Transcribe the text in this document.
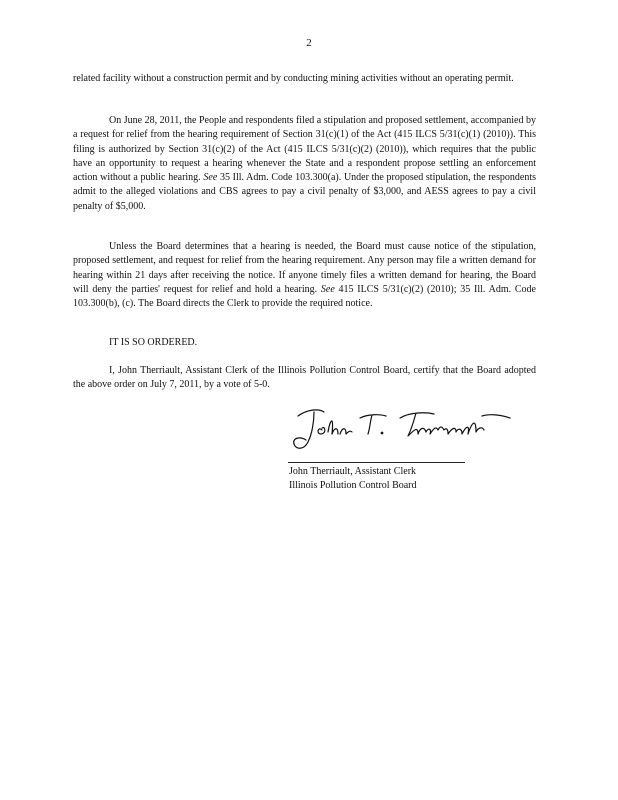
2

related facility without a construction permit and by conducting mining activities without an operating permit.

On June 28, 2011, the People and respondents filed a stipulation and proposed settlement, accompanied by a request for relief from the hearing requirement of Section 31(c)(1) of the Act (415 ILCS 5/31(c)(1) (2010)). This filing is authorized by Section 31(c)(2) of the Act (415 ILCS 5/31(c)(2) (2010)), which requires that the public have an opportunity to request a hearing whenever the State and a respondent propose settling an enforcement action without a public hearing. See 35 Ill. Adm. Code 103.300(a). Under the proposed stipulation, the respondents admit to the alleged violations and CBS agrees to pay a civil penalty of $3,000, and AESS agrees to pay a civil penalty of $5,000.

Unless the Board determines that a hearing is needed, the Board must cause notice of the stipulation, proposed settlement, and request for relief from the hearing requirement. Any person may file a written demand for hearing within 21 days after receiving the notice. If anyone timely files a written demand for hearing, the Board will deny the parties' request for relief and hold a hearing. See 415 ILCS 5/31(c)(2) (2010); 35 Ill. Adm. Code 103.300(b), (c). The Board directs the Clerk to provide the required notice.

IT IS SO ORDERED.

I, John Therriault, Assistant Clerk of the Illinois Pollution Control Board, certify that the Board adopted the above order on July 7, 2011, by a vote of 5-0.

John Therriault, Assistant Clerk
Illinois Pollution Control Board
